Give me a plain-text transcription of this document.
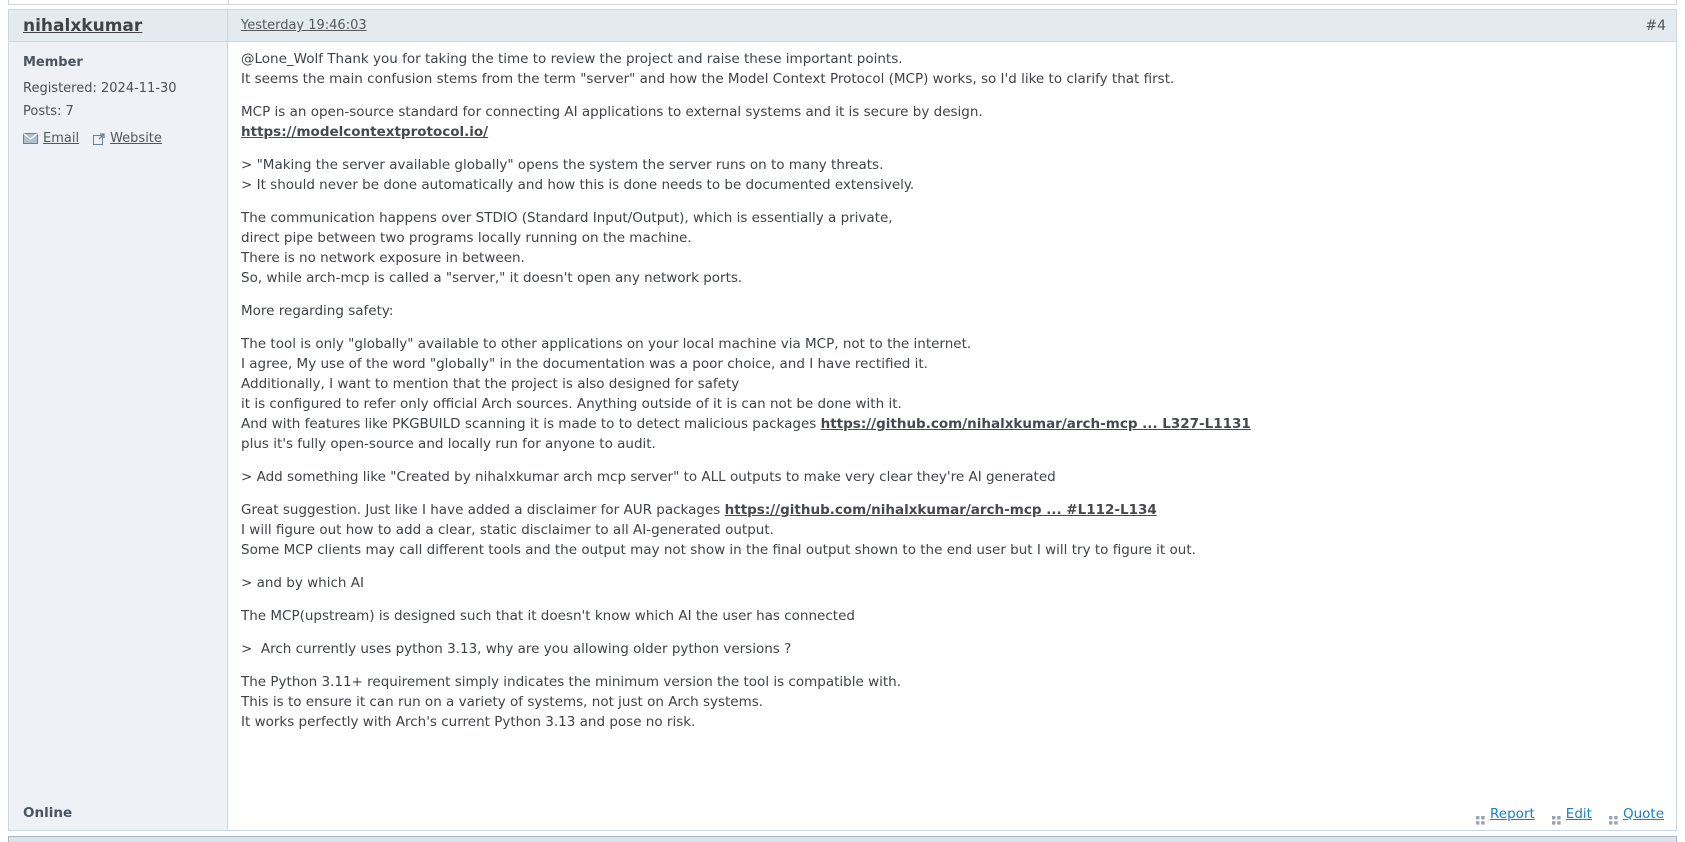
nihalxkumar	Yesterday 19:46:03	#4
Member
Registered: 2024-11-30
Posts: 7
Email Website
Online

@Lone_Wolf Thank you for taking the time to review the project and raise these important points.
It seems the main confusion stems from the term "server" and how the Model Context Protocol (MCP) works, so I'd like to clarify that first.

MCP is an open-source standard for connecting AI applications to external systems and it is secure by design.
https://modelcontextprotocol.io/

> "Making the server available globally" opens the system the server runs on to many threats.
> It should never be done automatically and how this is done needs to be documented extensively.

The communication happens over STDIO (Standard Input/Output), which is essentially a private,
direct pipe between two programs locally running on the machine.
There is no network exposure in between.
So, while arch-mcp is called a "server," it doesn't open any network ports.

More regarding safety:

The tool is only "globally" available to other applications on your local machine via MCP, not to the internet.
I agree, My use of the word "globally" in the documentation was a poor choice, and I have rectified it.
Additionally, I want to mention that the project is also designed for safety
it is configured to refer only official Arch sources. Anything outside of it is can not be done with it.
And with features like PKGBUILD scanning it is made to to detect malicious packages https://github.com/nihalxkumar/arch-mcp ... L327-L1131
plus it's fully open-source and locally run for anyone to audit.

> Add something like "Created by nihalxkumar arch mcp server" to ALL outputs to make very clear they're AI generated

Great suggestion. Just like I have added a disclaimer for AUR packages https://github.com/nihalxkumar/arch-mcp ... #L112-L134
I will figure out how to add a clear, static disclaimer to all AI-generated output.
Some MCP clients may call different tools and the output may not show in the final output shown to the end user but I will try to figure it out.

> and by which AI

The MCP(upstream) is designed such that it doesn't know which AI the user has connected

>  Arch currently uses python 3.13, why are you allowing older python versions ?

The Python 3.11+ requirement simply indicates the minimum version the tool is compatible with.
This is to ensure it can run on a variety of systems, not just on Arch systems.
It works perfectly with Arch's current Python 3.13 and pose no risk.

Report Edit Quote
